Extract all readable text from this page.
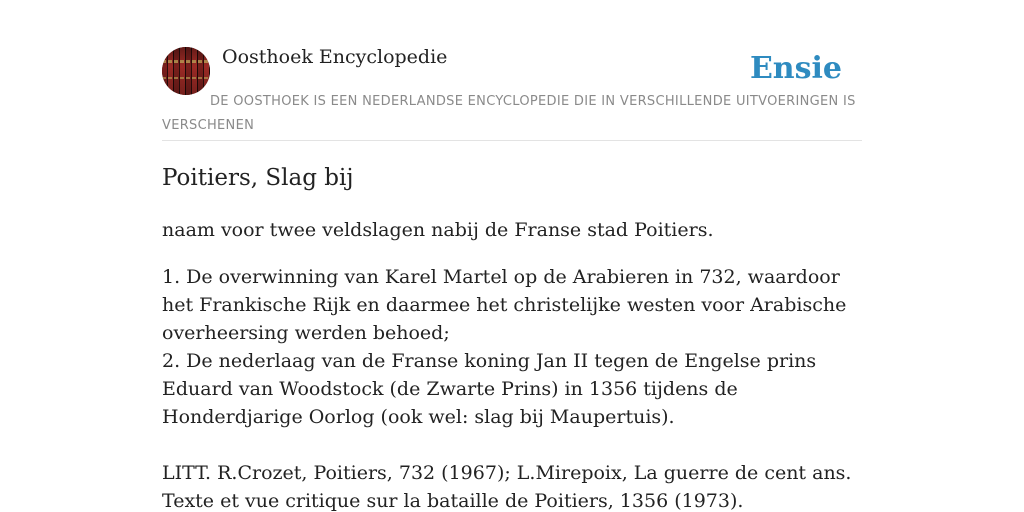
Oosthoek Encyclopedie	Ensie
DE OOSTHOEK IS EEN NEDERLANDSE ENCYCLOPEDIE DIE IN VERSCHILLENDE UITVOERINGEN IS VERSCHENEN
Poitiers, Slag bij

naam voor twee veldslagen nabij de Franse stad Poitiers.

1. De overwinning van Karel Martel op de Arabieren in 732, waardoor het Frankische Rijk en daarmee het christelijke westen voor Arabische overheersing werden behoed;

2. De nederlaag van de Franse koning Jan II tegen de Engelse prins Eduard van Woodstock (de Zwarte Prins) in 1356 tijdens de Honderdjarige Oorlog (ook wel: slag bij Maupertuis).

LITT. R.Crozet, Poitiers, 732 (1967); L.Mirepoix, La guerre de cent ans. Texte et vue critique sur la bataille de Poitiers, 1356 (1973).
